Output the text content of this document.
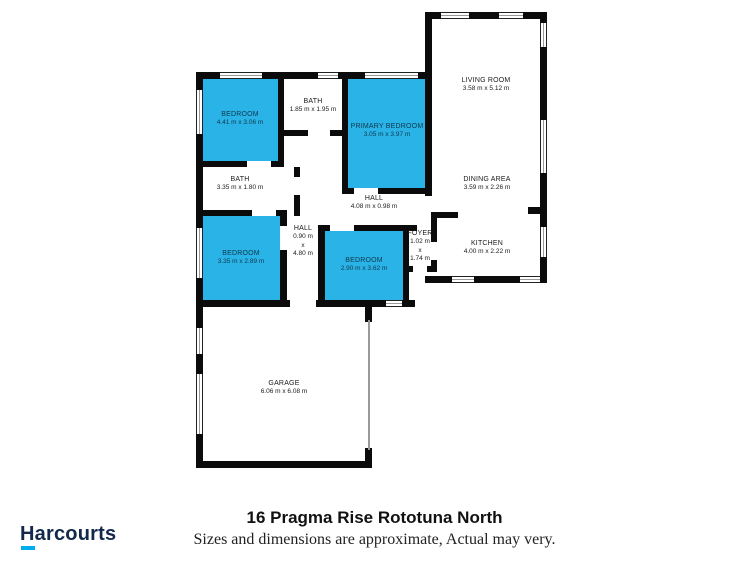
BEDROOM
4.41 m x 3.06 m
BATH
1.85 m x 1.95 m
PRIMARY BEDROOM
3.05 m x 3.97 m
LIVING ROOM
3.58 m x 5.12 m
BATH
3.35 m x 1.80 m
DINING AREA
3.59 m x 2.26 m
HALL
4.08 m x 0.98 m
HALL
0.90 m
x
4.80 m
BEDROOM
3.35 m x 2.89 m	BEDROOM
2.90 m x 3.62 m
FOYER
1.02 m
x
1.74 m
KITCHEN
4.00 m x 2.22 m
GARAGE
6.06 m x 6.08 m
16 Pragma Rise Rototuna North
Sizes and dimensions are approximate, Actual may very.
Harcourts
